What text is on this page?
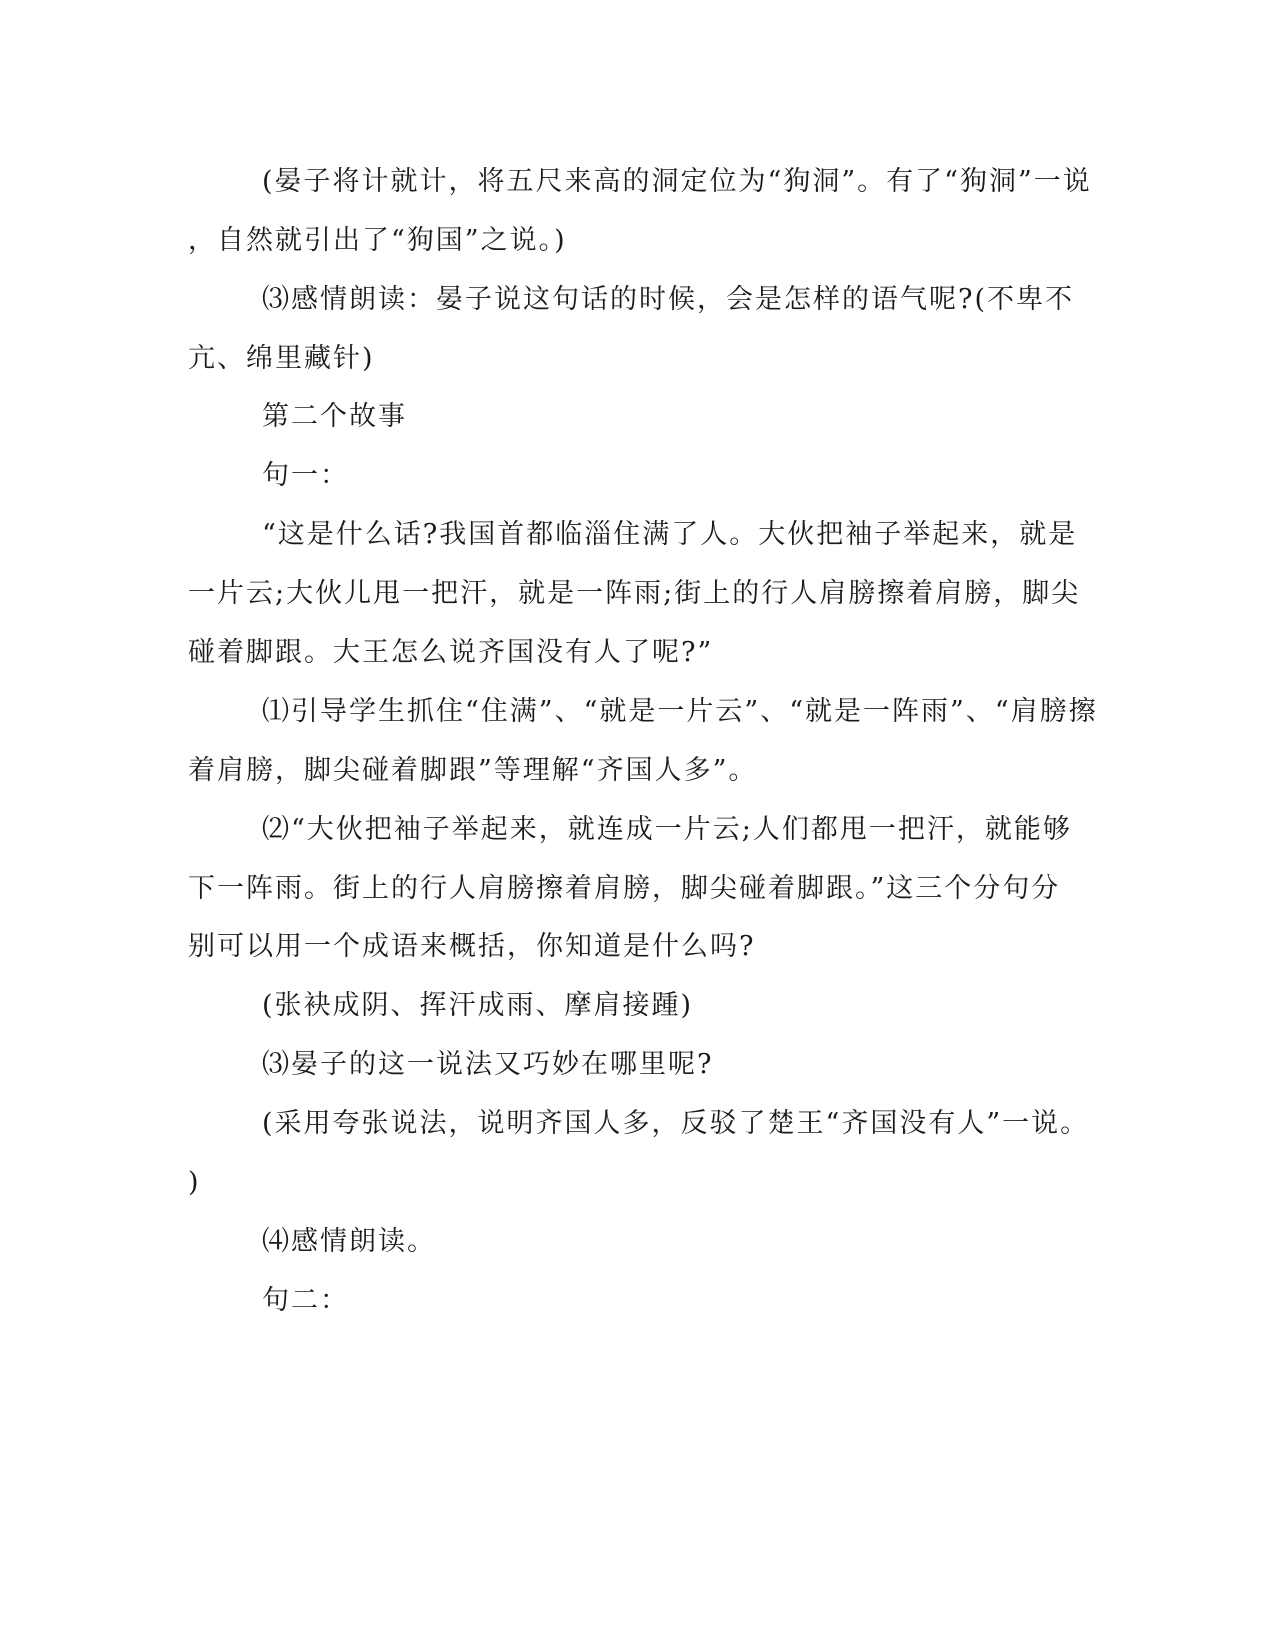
(晏子将计就计，将五尺来高的洞定位为“狗洞”。有了“狗洞”一说
，自然就引出了“狗国”之说。)
⑶感情朗读：晏子说这句话的时候，会是怎样的语气呢?(不卑不
亢、绵里藏针)
第二个故事
句一：
“这是什么话?我国首都临淄住满了人。大伙把袖子举起来，就是
一片云;大伙儿甩一把汗，就是一阵雨;街上的行人肩膀擦着肩膀，脚尖
碰着脚跟。大王怎么说齐国没有人了呢?”
⑴引导学生抓住“住满”、“就是一片云”、“就是一阵雨”、“肩膀擦
着肩膀，脚尖碰着脚跟”等理解“齐国人多”。
⑵“大伙把袖子举起来，就连成一片云;人们都甩一把汗，就能够
下一阵雨。街上的行人肩膀擦着肩膀，脚尖碰着脚跟。”这三个分句分
别可以用一个成语来概括，你知道是什么吗?
(张袂成阴、挥汗成雨、摩肩接踵)
⑶晏子的这一说法又巧妙在哪里呢?
(采用夸张说法，说明齐国人多，反驳了楚王“齐国没有人”一说。
)
⑷感情朗读。
句二：
